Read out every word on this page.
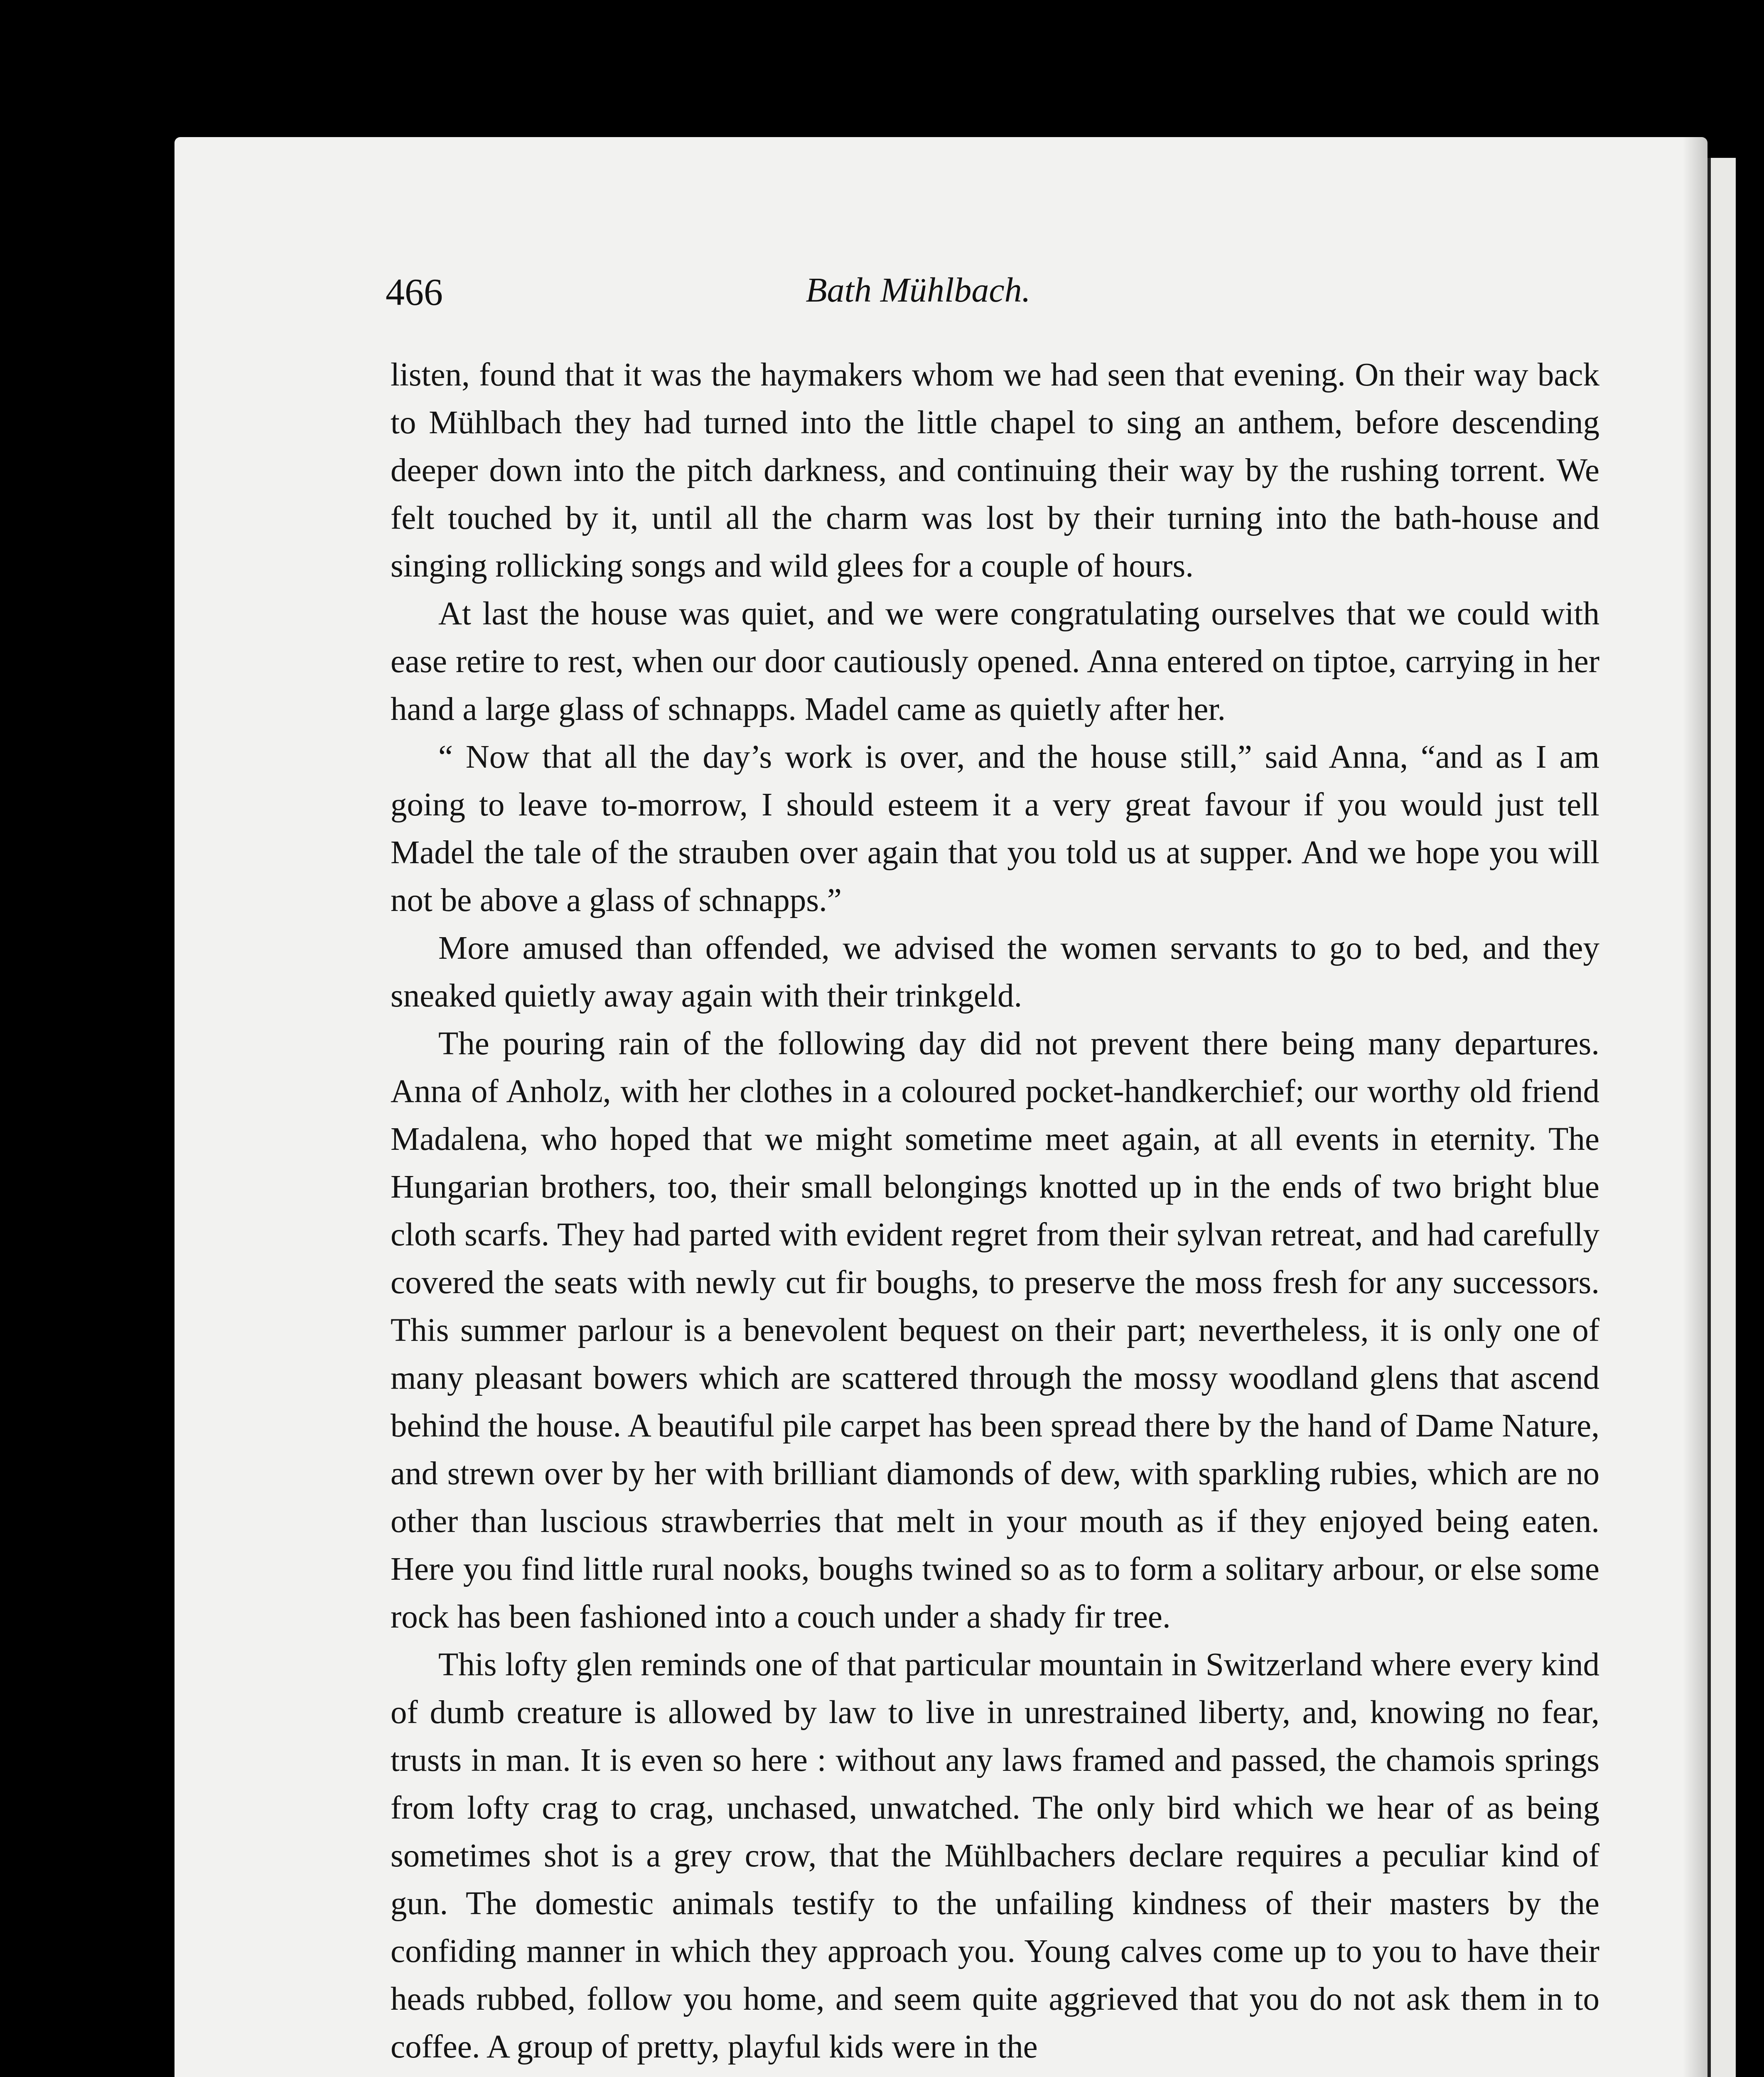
466	Bath Mühlbach.

listen, found that it was the haymakers whom we had seen that evening. On their way back to Mühlbach they had turned into the little chapel to sing an anthem, before descending deeper down into the pitch darkness, and continuing their way by the rushing torrent. We felt touched by it, until all the charm was lost by their turning into the bath-house and singing rollicking songs and wild glees for a couple of hours.

At last the house was quiet, and we were congratulating ourselves that we could with ease retire to rest, when our door cautiously opened. Anna entered on tiptoe, carrying in her hand a large glass of schnapps. Madel came as quietly after her.

“ Now that all the day’s work is over, and the house still,” said Anna, “and as I am going to leave to-morrow, I should esteem it a very great favour if you would just tell Madel the tale of the strauben over again that you told us at supper. And we hope you will not be above a glass of schnapps.”

More amused than offended, we advised the women servants to go to bed, and they sneaked quietly away again with their trinkgeld.

The pouring rain of the following day did not prevent there being many departures. Anna of Anholz, with her clothes in a coloured pocket-handkerchief; our worthy old friend Madalena, who hoped that we might sometime meet again, at all events in eternity. The Hungarian brothers, too, their small belongings knotted up in the ends of two bright blue cloth scarfs. They had parted with evident regret from their sylvan retreat, and had carefully covered the seats with newly cut fir boughs, to preserve the moss fresh for any successors. This summer parlour is a benevolent bequest on their part; nevertheless, it is only one of many pleasant bowers which are scattered through the mossy woodland glens that ascend behind the house. A beautiful pile carpet has been spread there by the hand of Dame Nature, and strewn over by her with brilliant diamonds of dew, with sparkling rubies, which are no other than luscious strawberries that melt in your mouth as if they enjoyed being eaten. Here you find little rural nooks, boughs twined so as to form a solitary arbour, or else some rock has been fashioned into a couch under a shady fir tree.

This lofty glen reminds one of that particular mountain in Switzerland where every kind of dumb creature is allowed by law to live in unrestrained liberty, and, knowing no fear, trusts in man. It is even so here : without any laws framed and passed, the chamois springs from lofty crag to crag, unchased, unwatched. The only bird which we hear of as being sometimes shot is a grey crow, that the Mühlbachers declare requires a peculiar kind of gun. The domestic animals testify to the unfailing kindness of their masters by the confiding manner in which they approach you. Young calves come up to you to have their heads rubbed, follow you home, and seem quite aggrieved that you do not ask them in to coffee. A group of pretty, playful kids were in the
